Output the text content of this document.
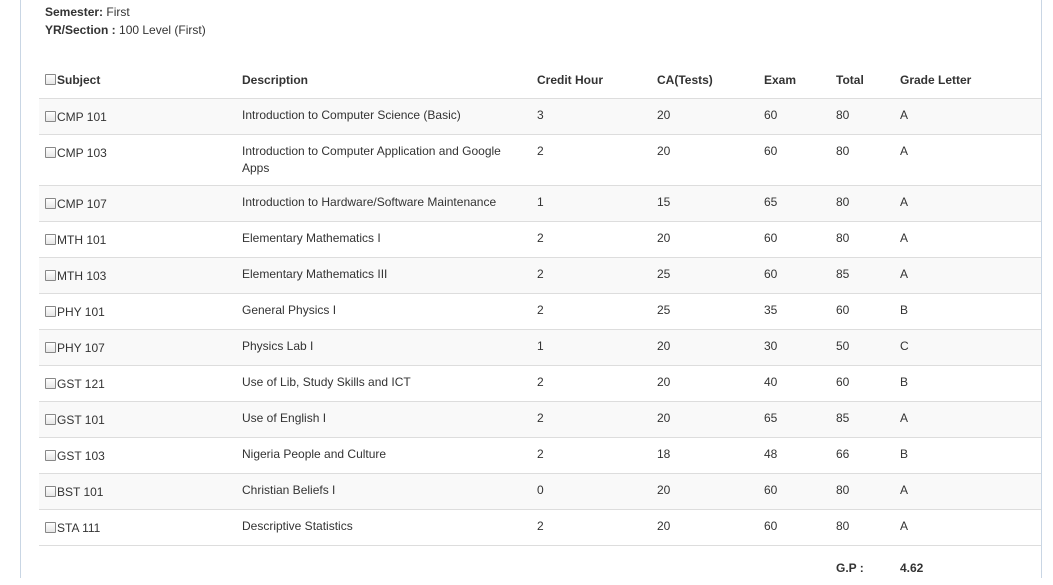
Semester: First
YR/Section : 100 Level (First)
Subject	Description	Credit Hour	CA(Tests)	Exam	Total	Grade Letter
CMP 101	Introduction to Computer Science (Basic)	3	20	60	80	A
CMP 103	Introduction to Computer Application and Google Apps	2	20	60	80	A
CMP 107	Introduction to Hardware/Software Maintenance	1	15	65	80	A
MTH 101	Elementary Mathematics I	2	20	60	80	A
MTH 103	Elementary Mathematics III	2	25	60	85	A
PHY 101	General Physics I	2	25	35	60	B
PHY 107	Physics Lab I	1	20	30	50	C
GST 121	Use of Lib, Study Skills and ICT	2	20	40	60	B
GST 101	Use of English I	2	20	65	85	A
GST 103	Nigeria People and Culture	2	18	48	66	B
BST 101	Christian Beliefs I	0	20	60	80	A
STA 111	Descriptive Statistics	2	20	60	80	A
					G.P :	4.62
